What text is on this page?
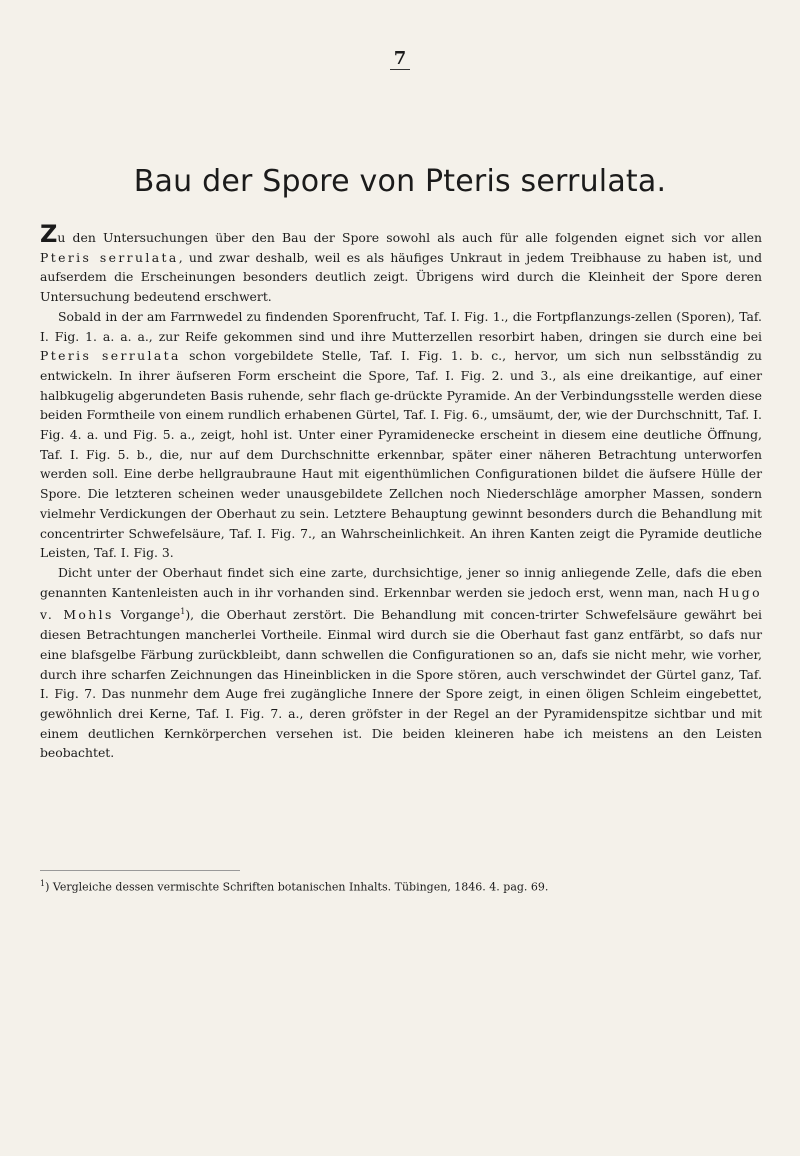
7
Bau der Spore von Pteris serrulata.

Zu den Untersuchungen über den Bau der Spore sowohl als auch für alle folgenden eignet sich vor allen Pteris serrulata, und zwar deshalb, weil es als häufiges Unkraut in jedem Treibhause zu haben ist, und aufserdem die Erscheinungen besonders deutlich zeigt. Übrigens wird durch die Kleinheit der Spore deren Untersuchung bedeutend erschwert.

Sobald in der am Farrnwedel zu findenden Sporenfrucht, Taf. I. Fig. 1., die Fortpflanzungs-zellen (Sporen), Taf. I. Fig. 1. a. a. a., zur Reife gekommen sind und ihre Mutterzellen resorbirt haben, dringen sie durch eine bei Pteris serrulata schon vorgebildete Stelle, Taf. I. Fig. 1. b. c., hervor, um sich nun selbsständig zu entwickeln. In ihrer äufseren Form erscheint die Spore, Taf. I. Fig. 2. und 3., als eine dreikantige, auf einer halbkugelig abgerundeten Basis ruhende, sehr flach ge-drückte Pyramide. An der Verbindungsstelle werden diese beiden Formtheile von einem rundlich erhabenen Gürtel, Taf. I. Fig. 6., umsäumt, der, wie der Durchschnitt, Taf. I. Fig. 4. a. und Fig. 5. a., zeigt, hohl ist. Unter einer Pyramidenecke erscheint in diesem eine deutliche Öffnung, Taf. I. Fig. 5. b., die, nur auf dem Durchschnitte erkennbar, später einer näheren Betrachtung unterworfen werden soll. Eine derbe hellgraubraune Haut mit eigenthümlichen Configurationen bildet die äufsere Hülle der Spore. Die letzteren scheinen weder unausgebildete Zellchen noch Niederschläge amorpher Massen, sondern vielmehr Verdickungen der Oberhaut zu sein. Letztere Behauptung gewinnt besonders durch die Behandlung mit concentrirter Schwefelsäure, Taf. I. Fig. 7., an Wahrscheinlichkeit. An ihren Kanten zeigt die Pyramide deutliche Leisten, Taf. I. Fig. 3.

Dicht unter der Oberhaut findet sich eine zarte, durchsichtige, jener so innig anliegende Zelle, dafs die eben genannten Kantenleisten auch in ihr vorhanden sind. Erkennbar werden sie jedoch erst, wenn man, nach Hugo v. Mohls Vorgange$^1$), die Oberhaut zerstört. Die Behandlung mit concen-trirter Schwefelsäure gewährt bei diesen Betrachtungen mancherlei Vortheile. Einmal wird durch sie die Oberhaut fast ganz entfärbt, so dafs nur eine blafsgelbe Färbung zurückbleibt, dann schwellen die Configurationen so an, dafs sie nicht mehr, wie vorher, durch ihre scharfen Zeichnungen das Hineinblicken in die Spore stören, auch verschwindet der Gürtel ganz, Taf. I. Fig. 7. Das nunmehr dem Auge frei zugängliche Innere der Spore zeigt, in einen öligen Schleim eingebettet, gewöhnlich drei Kerne, Taf. I. Fig. 7. a., deren gröfster in der Regel an der Pyramidenspitze sichtbar und mit einem deutlichen Kernkörperchen versehen ist. Die beiden kleineren habe ich meistens an den Leisten beobachtet.

$^1$) Vergleiche dessen vermischte Schriften botanischen Inhalts. Tübingen, 1846. 4. pag. 69.
